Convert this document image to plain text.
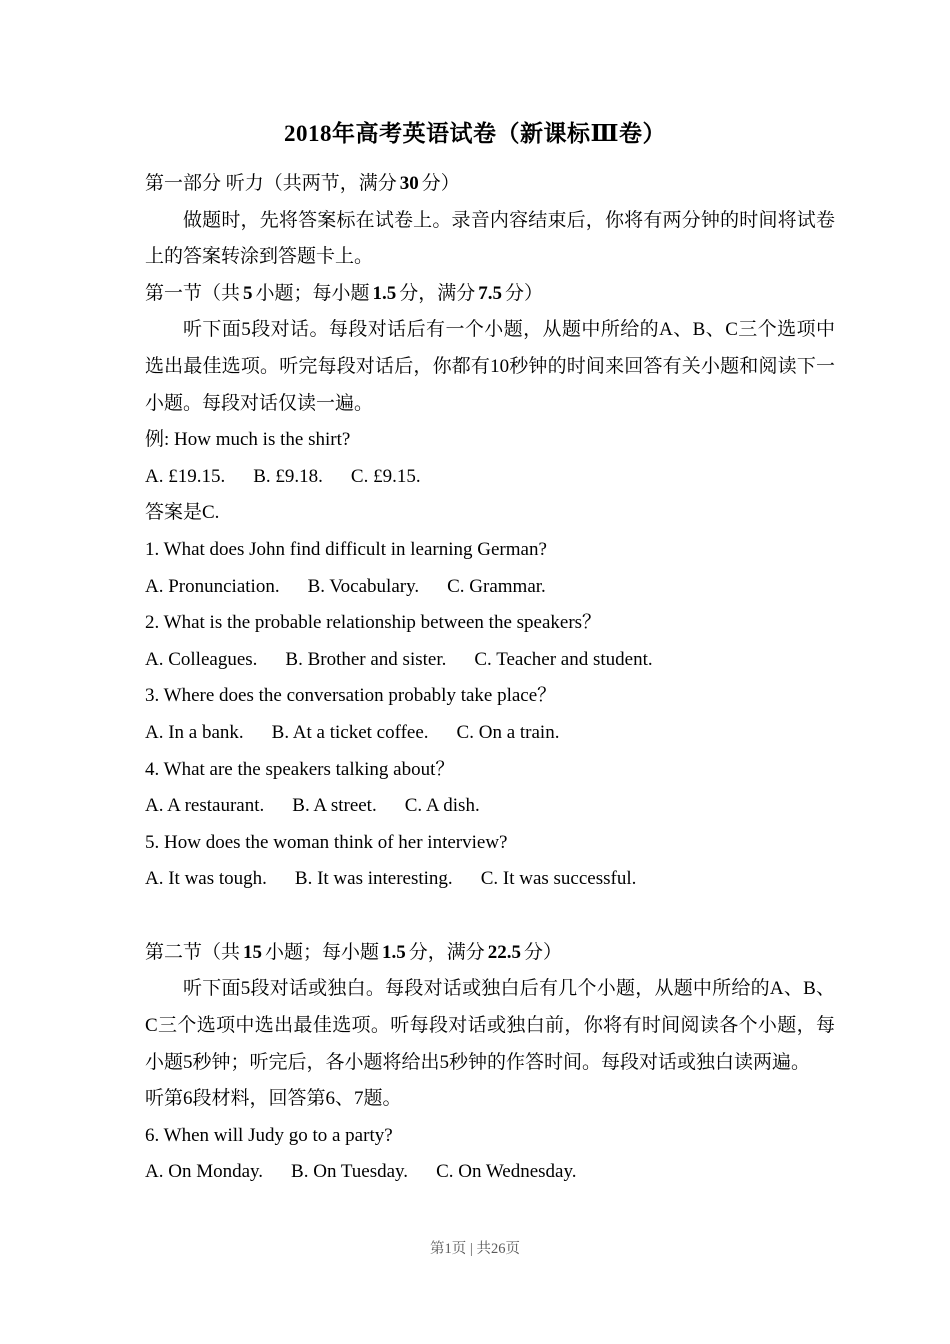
2018年高考英语试卷（新课标Ⅲ卷）

第一部分 听力（共两节，满分 30 分）

做题时，先将答案标在试卷上。录音内容结束后，你将有两分钟的时间将试卷上的答案转涂到答题卡上。

第一节（共 5 小题；每小题 1.5 分，满分 7.5 分）

听下面5段对话。每段对话后有一个小题，从题中所给的A、B、C三个选项中选出最佳选项。听完每段对话后，你都有10秒钟的时间来回答有关小题和阅读下一小题。每段对话仅读一遍。

例: How much is the shirt?

A. £19.15. B. £9.18. C. £9.15.

答案是C.

1. What does John find difficult in learning German?

A. Pronunciation. B. Vocabulary. C. Grammar.

2. What is the probable relationship between the speakers？

A. Colleagues. B. Brother and sister. C. Teacher and student.

3. Where does the conversation probably take place？

A. In a bank. B. At a ticket coffee. C. On a train.

4. What are the speakers talking about？

A. A restaurant. B. A street. C. A dish.

5. How does the woman think of her interview?

A. It was tough. B. It was interesting. C. It was successful.

第二节（共 15 小题；每小题 1.5 分，满分 22.5 分）

听下面5段对话或独白。每段对话或独白后有几个小题，从题中所给的A、B、C三个选项中选出最佳选项。听每段对话或独白前，你将有时间阅读各个小题，每小题5秒钟；听完后，各小题将给出5秒钟的作答时间。每段对话或独白读两遍。

听第6段材料，回答第6、7题。

6. When will Judy go to a party?

A. On Monday. B. On Tuesday. C. On Wednesday.

第1页 | 共26页
